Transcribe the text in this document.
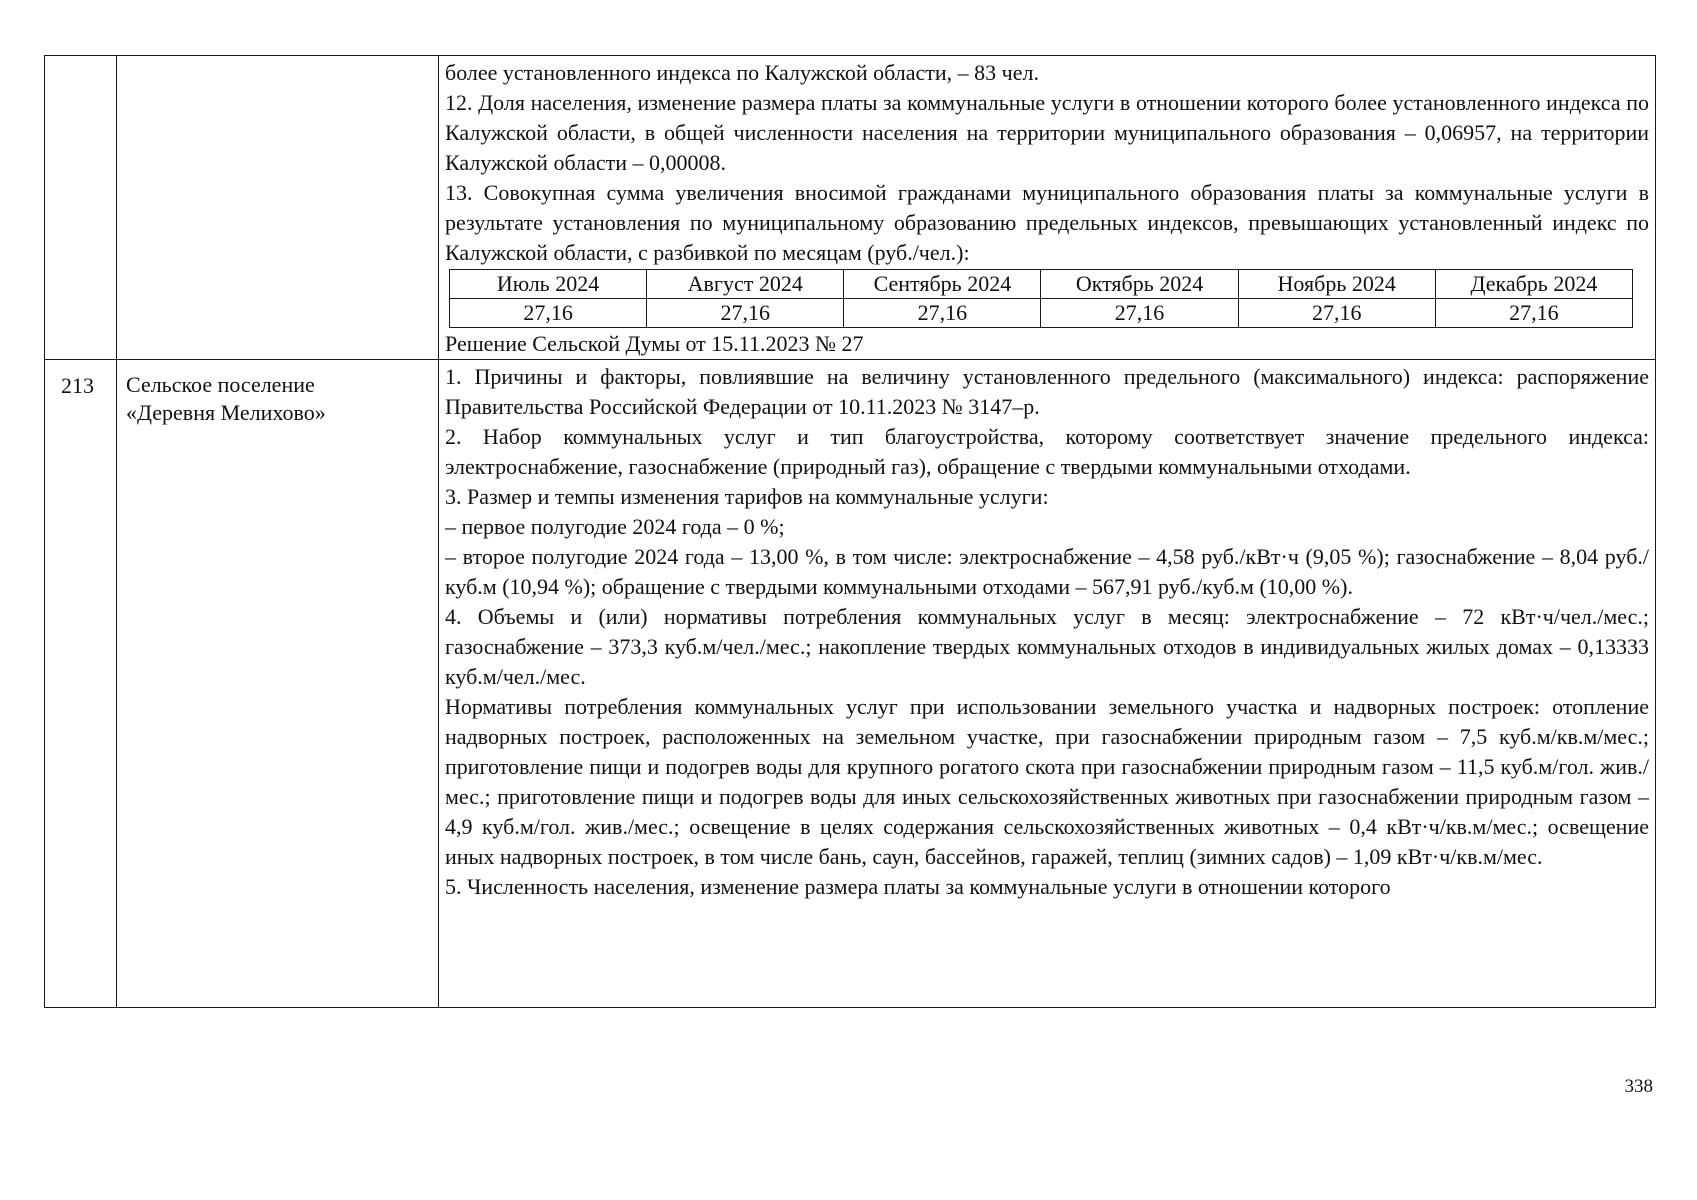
более установленного индекса по Калужской области, – 83 чел.

12. Доля населения, изменение размера платы за коммунальные услуги в отношении которого более установленного индекса по Калужской области, в общей численности населения на территории муниципального образования – 0,06957, на территории Калужской области – 0,00008.

13. Совокупная сумма увеличения вносимой гражданами муниципального образования платы за коммунальные услуги в результате установления по муниципальному образованию предельных индексов, превышающих установленный индекс по Калужской области, с разбивкой по месяцам (руб./чел.):

Июль 2024	Август 2024	Сентябрь 2024	Октябрь 2024	Ноябрь 2024	Декабрь 2024
27,16	27,16	27,16	27,16	27,16	27,16

Решение Сельской Думы от 15.11.2023 № 27

213	Сельское поселение
«Деревня Мелихово»

1. Причины и факторы, повлиявшие на величину установленного предельного (максимального) индекса: распоряжение Правительства Российской Федерации от 10.11.2023 № 3147–р.

2. Набор коммунальных услуг и тип благоустройства, которому соответствует значение предельного индекса: электроснабжение, газоснабжение (природный газ), обращение с твердыми коммунальными отходами.

3. Размер и темпы изменения тарифов на коммунальные услуги:

– первое полугодие 2024 года – 0 %;

– второе полугодие 2024 года – 13,00 %, в том числе: электроснабжение – 4,58 руб./кВт·ч (9,05 %); газоснабжение – 8,04 руб./куб.м (10,94 %); обращение с твердыми коммунальными отходами – 567,91 руб./куб.м (10,00 %).

4. Объемы и (или) нормативы потребления коммунальных услуг в месяц: электроснабжение – 72 кВт·ч/чел./мес.; газоснабжение – 373,3 куб.м/чел./мес.; накопление твердых коммунальных отходов в индивидуальных жилых домах – 0,13333 куб.м/чел./мес.

Нормативы потребления коммунальных услуг при использовании земельного участка и надворных построек: отопление надворных построек, расположенных на земельном участке, при газоснабжении природным газом – 7,5 куб.м/кв.м/мес.; приготовление пищи и подогрев воды для крупного рогатого скота при газоснабжении природным газом – 11,5 куб.м/гол. жив./мес.; приготовление пищи и подогрев воды для иных сельскохозяйственных животных при газоснабжении природным газом – 4,9 куб.м/гол. жив./мес.; освещение в целях содержания сельскохозяйственных животных – 0,4 кВт·ч/кв.м/мес.; освещение иных надворных построек, в том числе бань, саун, бассейнов, гаражей, теплиц (зимних садов) – 1,09 кВт·ч/кв.м/мес.

5. Численность населения, изменение размера платы за коммунальные услуги в отношении которого

338
